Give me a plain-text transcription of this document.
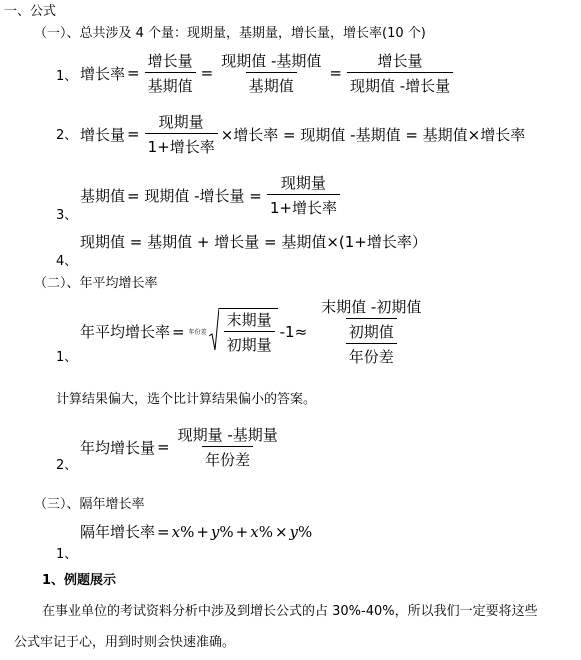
一、公式
（一）、总共涉及 4 个量：现期量，基期量，增长量，增长率(10 个)
1、 增长率 = $\frac{\text{增长量}}{\text{基期值}} = \frac{\text{现期值 -基期值}}{\text{基期值}} = \frac{\text{增长量}}{\text{现期值 -增长量}}$
2、 增长量 = $\frac{\text{现期量}}{\text{1+增长率}}$ ×增长率 = 现期值 -基期值 = 基期值×增长率
基期值 = 现期值 -增长量 = $\frac{\text{现期量}}{\text{1+增长率}}$
3、
现期值 = 基期值 + 增长量 = 基期值×(1+增长率）
4、
（二）、年平均增长率
年平均增长率 = 年份差 $\frac{\text{末期量}}{\text{初期量}} -1\approx \frac{\frac{\text{末期值 -初期值}}{\text{初期值}}}{\text{年份差}}$
1、
计算结果偏大，选个比计算结果偏小的答案。
年均增长量 = $\frac{\text{现期量 -基期量}}{\text{年份差}}$
2、
（三）、隔年增长率
隔年增长率 = x % + y % + x % × y %
1、
1、例题展示
在事业单位的考试资料分析中涉及到增长公式的占 30%-40%，所以我们一定要将这些
公式牢记于心，用到时则会快速准确。
